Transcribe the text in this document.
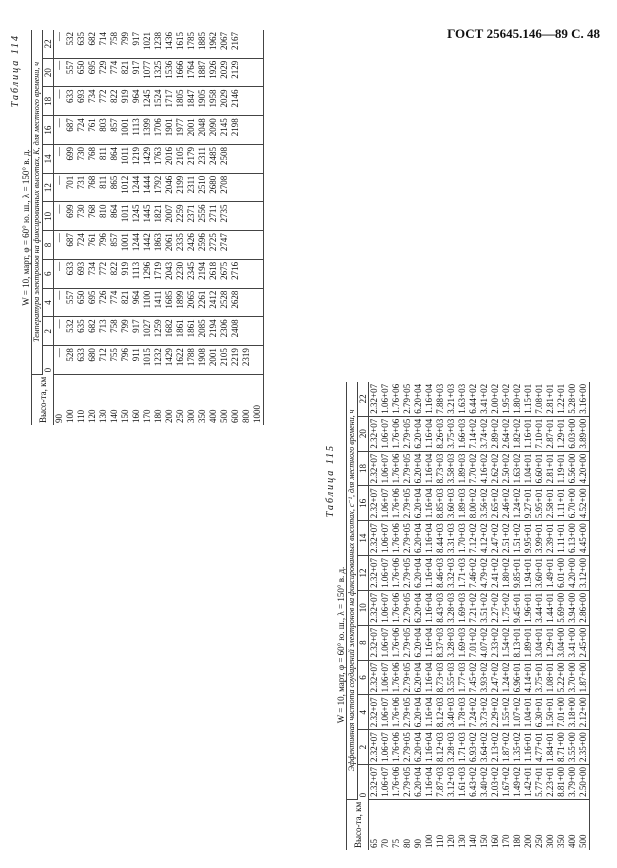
ГОСТ 25645.146—89 С. 48
Таблица 114
W = 10, март, φ = 60° ю. ш., λ = 150° в. д.
Высо-та, км	Температура электронов на фиксированных высотах, К, для местного времени, ч											
	0	2	4	6	8	10	12	14	16	18	20	22
90	—	—	—	—	—	—	—	—	—	—	—	—
100	528	532	557	633	687	699	701	699	687	633	557	532
110	633	635	650	693	724	730	731	730	724	693	650	635
120	680	682	695	734	761	768	768	768	761	734	695	682
130	712	713	726	772	796	810	811	811	803	772	729	714
140	755	758	774	822	857	864	865	864	857	822	774	758
150	796	799	821	919	1001	1011	1012	1011	1001	919	821	799
160	911	917	964	1113	1244	1245	1244	1219	1113	964	917	917
170	1015	1027	1100	1296	1442	1445	1444	1429	1399	1245	1077	1021
180	1232	1259	1411	1719	1863	1821	1792	1763	1706	1524	1325	1238
200	1429	1682	1685	2043	2061	2007	2046	2016	1901	1717	1536	1436
250	1622	1861	1899	2230	2335	2259	2199	2105	1977	1805	1666	1615
300	1788	1861	2065	2345	2426	2371	2311	2179	2001	1847	1764	1785
350	1908	2085	2261	2194	2596	2556	2510	2311	2048	1905	1887	1885
400	2001	2194	2412	2618	2725	2711	2680	2485	2090	1958	1926	1962
500	2105	2306	2528	2675	2747	2735	2708	2508	2145	2029	2029	2067
600	2219	2408	2628	2716					2198	2146	2129	2167
800	2319											
1000												
Таблица 115
W = 10, март, φ = 60° ю. ш., λ = 150° в. д.
Высо-та, км	Эффективная частота соударений электронов на фиксированных высотах, с⁻¹, для местного времени, ч											
	0	2	4	6	8	10	12	14	16	18	20	22
65	2.32+07	2.32+07	2.32+07	2.32+07	2.32+07	2.32+07	2.32+07	2.32+07	2.32+07	2.32+07	2.32+07	2.32+07
70	1.06+07	1.06+07	1.06+07	1.06+07	1.06+07	1.06+07	1.06+07	1.06+07	1.06+07	1.06+07	1.06+07	1.06+07
75	1.76+06	1.76+06	1.76+06	1.76+06	1.76+06	1.76+06	1.76+06	1.76+06	1.76+06	1.76+06	1.76+06	1.76+06
80	2.79+05	2.79+05	2.79+05	2.79+05	2.79+05	2.79+05	2.79+05	2.79+05	2.79+05	2.79+05	2.79+05	2.79+05
90	6.20+04	6.20+04	6.20+04	6.20+04	6.20+04	6.20+04	6.20+04	6.20+04	6.20+04	6.20+04	6.20+04	6.20+04
100	1.16+04	1.16+04	1.16+04	1.16+04	1.16+04	1.16+04	1.16+04	1.16+04	1.16+04	1.16+04	1.16+04	1.16+04
110	7.87+03	8.12+03	8.12+03	8.73+03	8.37+03	8.43+03	8.46+03	8.44+03	8.85+03	8.73+03	8.26+03	7.88+03
120	3.12+03	3.28+03	3.40+03	3.55+03	3.28+03	3.28+03	3.32+03	3.31+03	3.60+03	3.58+03	3.75+03	3.21+03
130	1.61+03	1.71+03	1.78+03	1.77+03	1.69+03	1.69+03	1.71+03	1.70+03	1.89+03	1.89+03	1.66+03	1.63+03
140	6.43+02	6.93+02	7.24+02	7.45+02	7.01+02	7.21+02	7.46+02	7.12+02	8.00+02	7.70+02	7.14+02	6.44+02
150	3.40+02	3.64+02	3.73+02	3.93+02	4.07+02	3.51+02	4.79+02	4.12+02	3.56+02	4.16+02	3.74+02	3.41+02
160	2.03+02	2.13+02	2.29+02	2.47+02	2.33+02	2.27+02	2.41+02	2.47+02	2.65+02	2.62+02	2.89+02	2.00+02
170	1.67+02	1.87+02	1.55+02	1.24+02	1.54+02	1.75+02	1.80+02	2.51+02	2.46+02	2.50+02	2.64+02	1.95+02
180	1.49+02	1.35+02	1.07+02	6.96+01	8.13+01	9.45+01	9.85+01	1.51+02	1.24+02	1.63+02	1.82+02	1.80+02
200	1.42+01	1.16+01	1.04+01	4.14+01	1.89+01	1.96+01	1.94+01	9.95+01	9.27+01	1.04+01	1.16+01	1.15+01
250	5.77+01	4.77+01	6.30+01	3.75+01	3.04+01	3.44+01	3.60+01	3.99+01	5.95+01	6.60+01	7.10+01	7.08+01
300	2.23+01	1.84+01	1.50+01	1.08+01	1.29+01	1.44+01	1.49+01	2.39+01	2.58+01	2.81+01	2.87+01	2.81+01
350	8.81+00	8.71+00	7.01+00	5.22+00	3.04+00	5.69+00	6.01+00	1.11+01	1.11+01	1.19+01	1.29+01	1.22+01
400	3.79+00	3.55+00	3.18+00	3.70+00	3.41+00	3.94+00	4.20+00	6.13+00	6.70+00	6.56+00	6.03+00	5.28+00
500	2.50+00	2.35+00	2.12+00	1.87+00	2.45+00	2.86+00	3.12+00	4.45+00	4.52+00	4.20+00	3.89+00	3.16+00
